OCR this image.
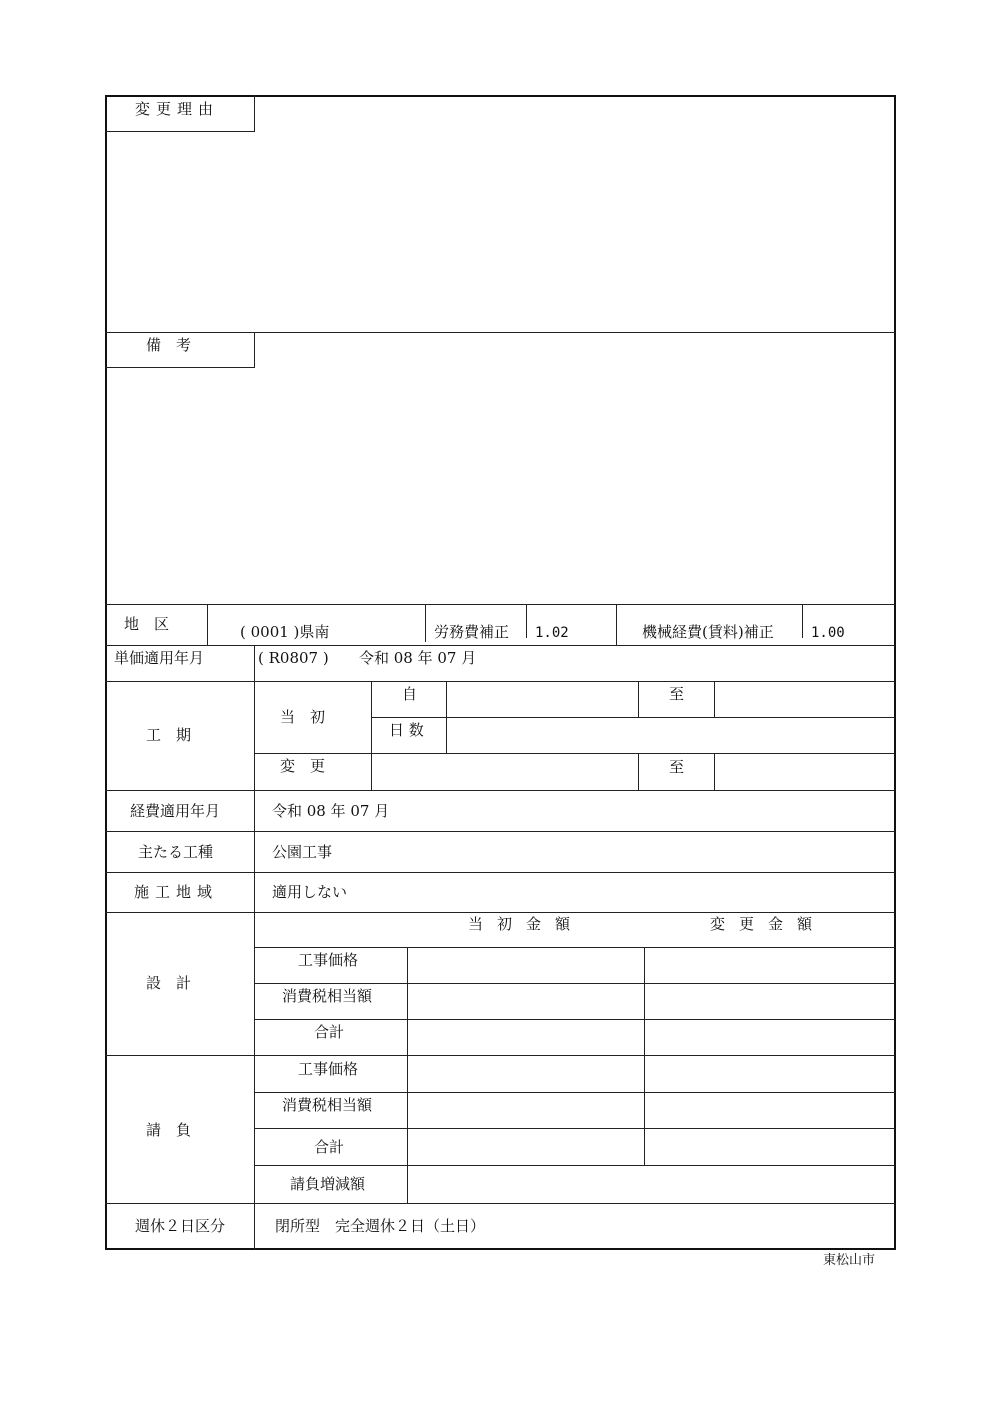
変更理由
備　考
地　区	( 0001 )県南	労務費補正 1.02	機械経費(賃料)補正	1.00
単価適用年月	( R0807 ) 令和 08 年 07 月
工　期
当　初
自	至
日 数
変　更	至
経費適用年月	令和 08 年 07 月
主たる工種	公園工事
施工地域	適用しない
当初金額	変更金額
設　計
工事価格
消費税相当額
合計
請　負
工事価格
消費税相当額
合計
請負増減額
週休２日区分	閉所型　完全週休２日（土日）
東松山市
